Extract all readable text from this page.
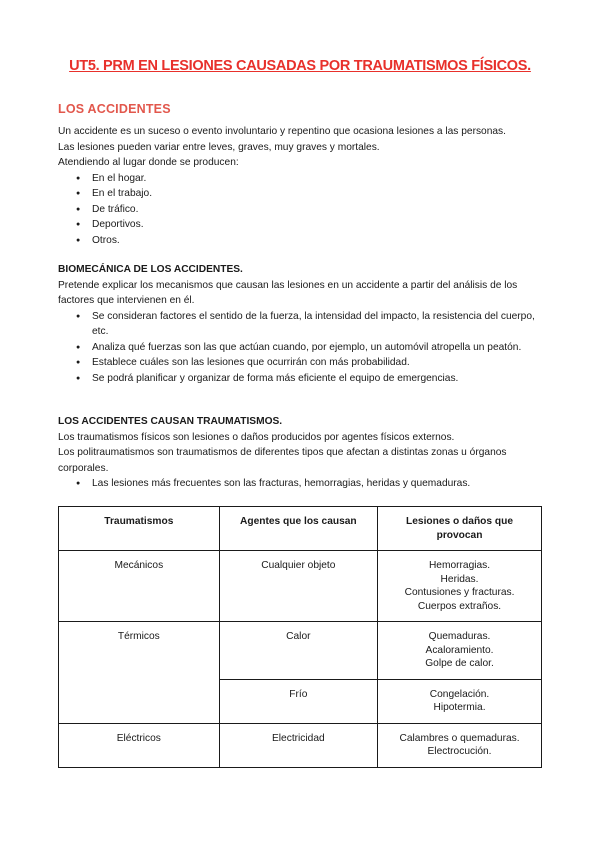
UT5. PRM EN LESIONES CAUSADAS POR TRAUMATISMOS FÍSICOS.
LOS ACCIDENTES

Un accidente es un suceso o evento involuntario y repentino que ocasiona lesiones a las personas.

Las lesiones pueden variar entre leves, graves, muy graves y mortales.

Atendiendo al lugar donde se producen:

● En el hogar.
● En el trabajo.
● De tráfico.
● Deportivos.
● Otros.
BIOMECÁNICA DE LOS ACCIDENTES.

Pretende explicar los mecanismos que causan las lesiones en un accidente a partir del análisis de los factores que intervienen en él.

● Se consideran factores el sentido de la fuerza, la intensidad del impacto, la resistencia del cuerpo, etc.
● Analiza qué fuerzas son las que actúan cuando, por ejemplo, un automóvil atropella un peatón.
● Establece cuáles son las lesiones que ocurrirán con más probabilidad.
● Se podrá planificar y organizar de forma más eficiente el equipo de emergencias.
LOS ACCIDENTES CAUSAN TRAUMATISMOS.

Los traumatismos físicos son lesiones o daños producidos por agentes físicos externos.

Los politraumatismos son traumatismos de diferentes tipos que afectan a distintas zonas u órganos corporales.

● Las lesiones más frecuentes son las fracturas, hemorragias, heridas y quemaduras.
Traumatismos	Agentes que los causan	Lesiones o daños que provocan
Mecánicos	Cualquier objeto	Hemorragias.
Heridas.
Contusiones y fracturas.
Cuerpos extraños.

Térmicos	Calor	Quemaduras.
Acaloramiento.
Golpe de calor.

	Frío	Congelación.
Hipotermia.

Eléctricos	Electricidad	Calambres o quemaduras.
Electrocución.
